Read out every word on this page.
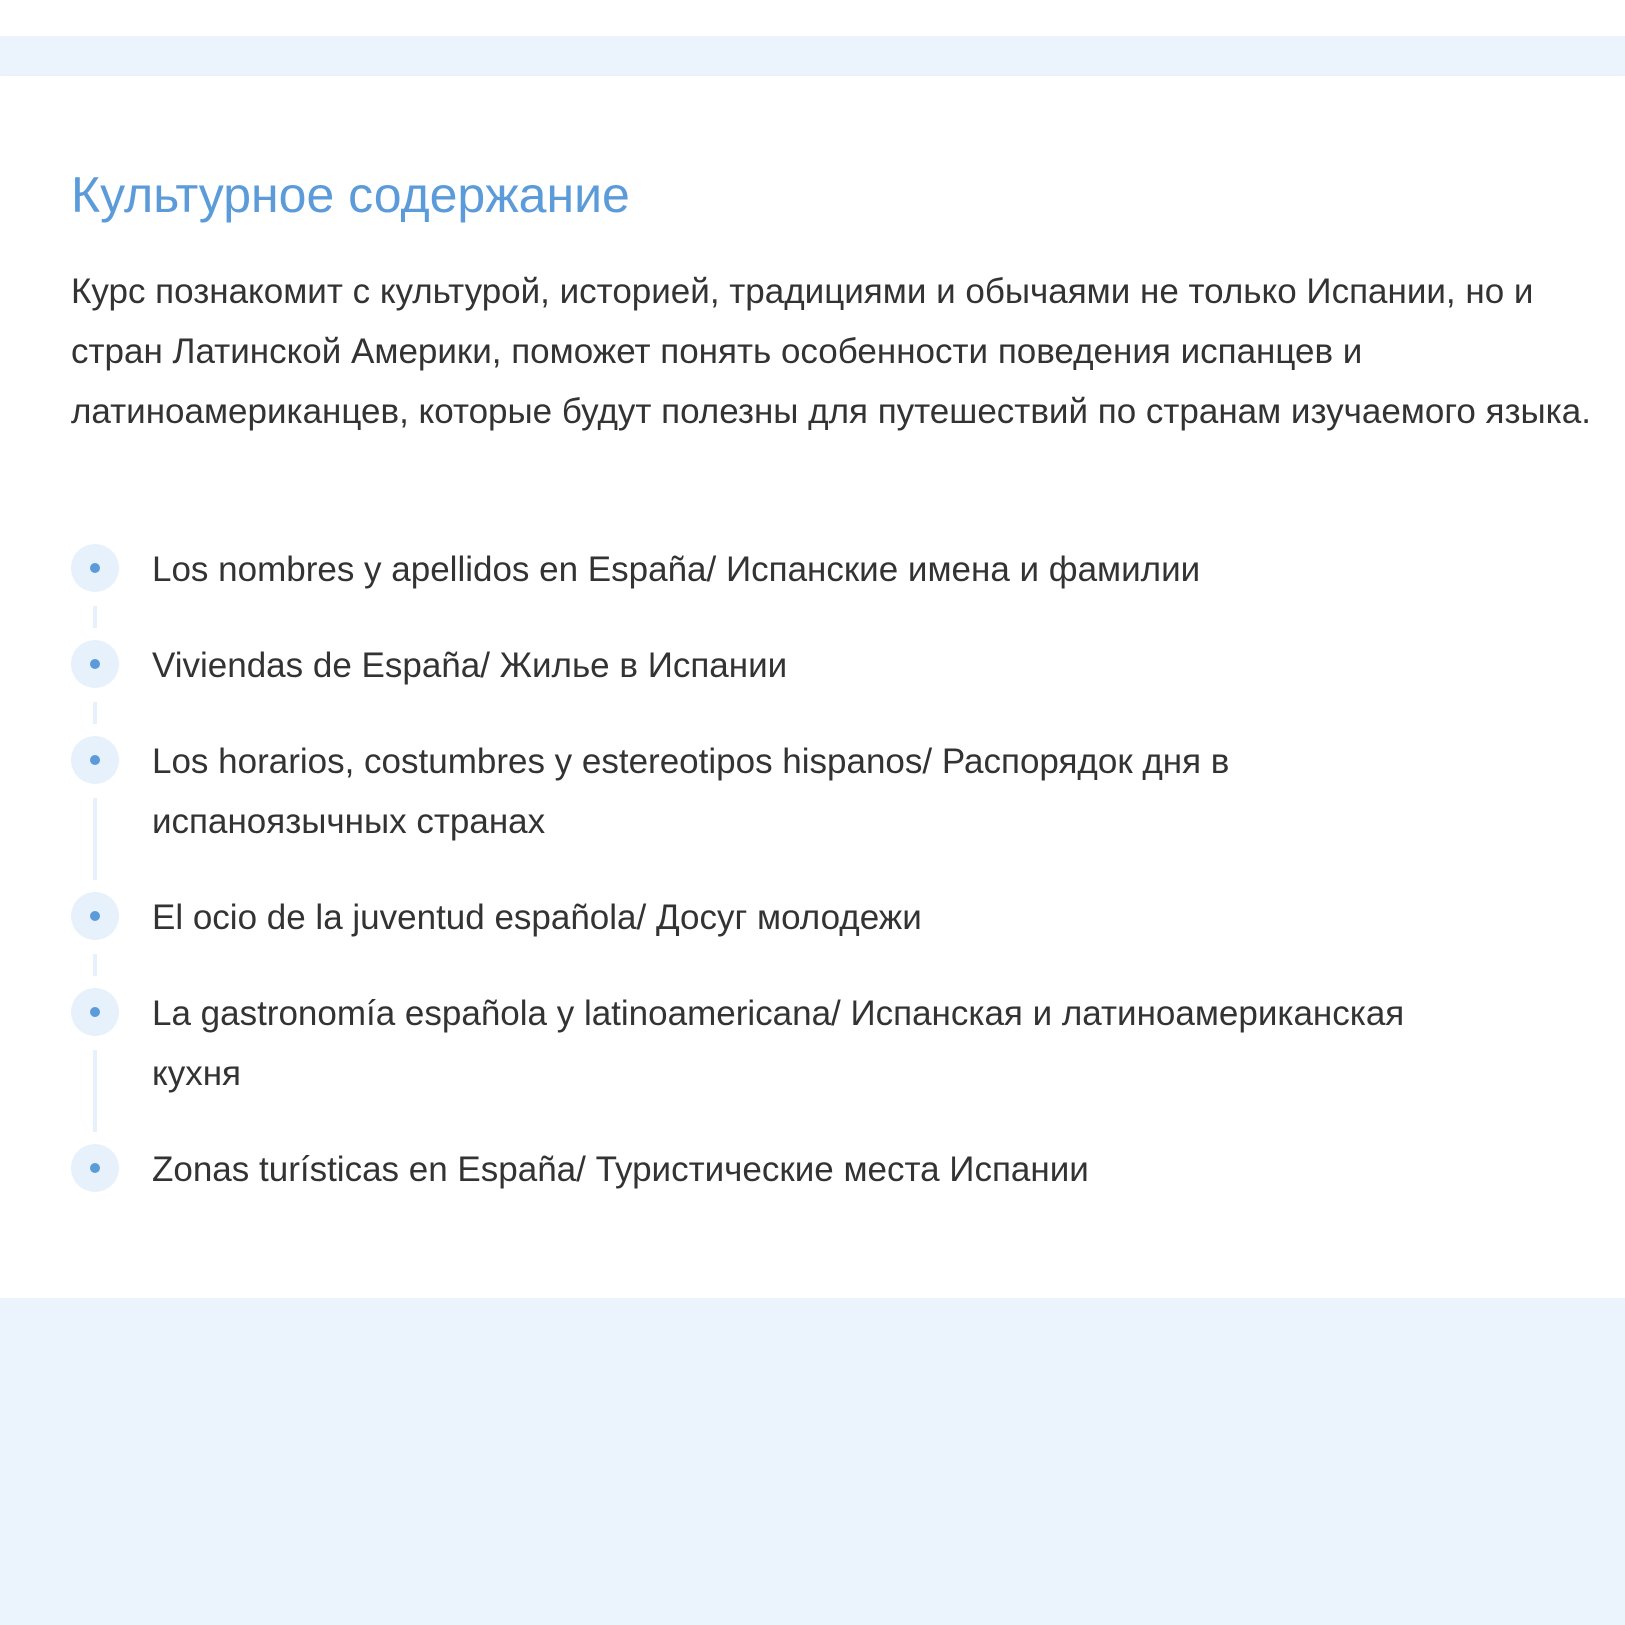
Культурное содержание

Курс познакомит с культурой, историей, традициями и обычаями не только Испании, но и стран Латинской Америки, поможет понять особенности поведения испанцев и латиноамериканцев, которые будут полезны для путешествий по странам изучаемого языка.

Los nombres y apellidos en España/ Испанские имена и фамилии
Viviendas de España/ Жилье в Испании
Los horarios, costumbres y estereotipos hispanos/ Распорядок дня в испаноязычных странах
El ocio de la juventud española/ Досуг молодежи
La gastronomía española y latinoamericana/ Испанская и латиноамериканская кухня
Zonas turísticas en España/ Туристические места Испании
